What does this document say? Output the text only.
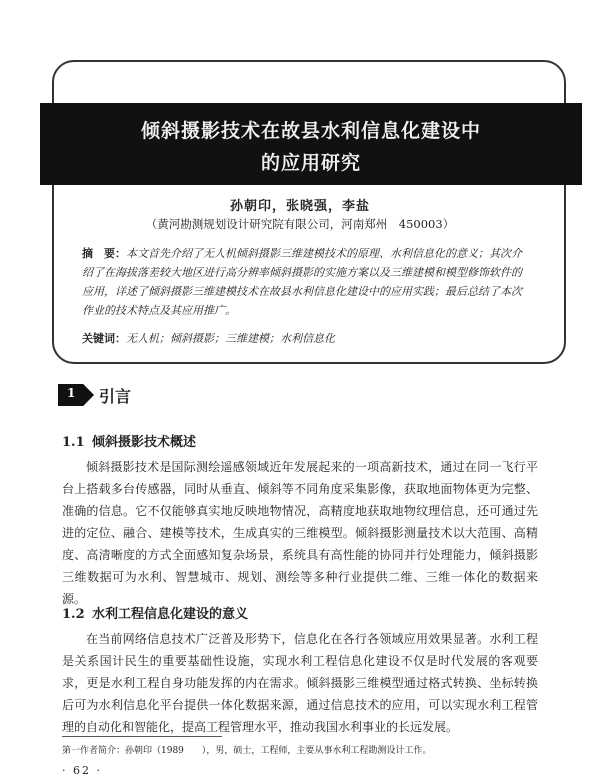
倾斜摄影技术在故县水利信息化建设中
的应用研究
孙朝印，张晓强，李盐
（黄河勘测规划设计研究院有限公司，河南郑州　450003）
摘　要：本文首先介绍了无人机倾斜摄影三维建模技术的原理、水利信息化的意义；其次介绍了在海拔落差较大地区进行高分辨率倾斜摄影的实施方案以及三维建模和模型修饰软件的应用，详述了倾斜摄影三维建模技术在故县水利信息化建设中的应用实践；最后总结了本次作业的技术特点及其应用推广。
关键词：无人机；倾斜摄影；三维建模；水利信息化
1 引言
1.1 倾斜摄影技术概述
倾斜摄影技术是国际测绘遥感领域近年发展起来的一项高新技术，通过在同一飞行平台上搭载多台传感器，同时从垂直、倾斜等不同角度采集影像，获取地面物体更为完整、准确的信息。它不仅能够真实地反映地物情况，高精度地获取地物纹理信息，还可通过先进的定位、融合、建模等技术，生成真实的三维模型。倾斜摄影测量技术以大范围、高精度、高清晰度的方式全面感知复杂场景，系统具有高性能的协同并行处理能力，倾斜摄影三维数据可为水利、智慧城市、规划、测绘等多种行业提供二维、三维一体化的数据来源。
1.2 水利工程信息化建设的意义
在当前网络信息技术广泛普及形势下，信息化在各行各领域应用效果显著。水利工程是关系国计民生的重要基础性设施，实现水利工程信息化建设不仅是时代发展的客观要求，更是水利工程自身功能发挥的内在需求。倾斜摄影三维模型通过格式转换、坐标转换后可为水利信息化平台提供一体化数据来源，通过信息技术的应用，可以实现水利工程管理的自动化和智能化，提高工程管理水平，推动我国水利事业的长远发展。
第一作者简介：孙朝印（1989　　），男，硕士，工程师，主要从事水利工程勘测设计工作。
· 62 ·
